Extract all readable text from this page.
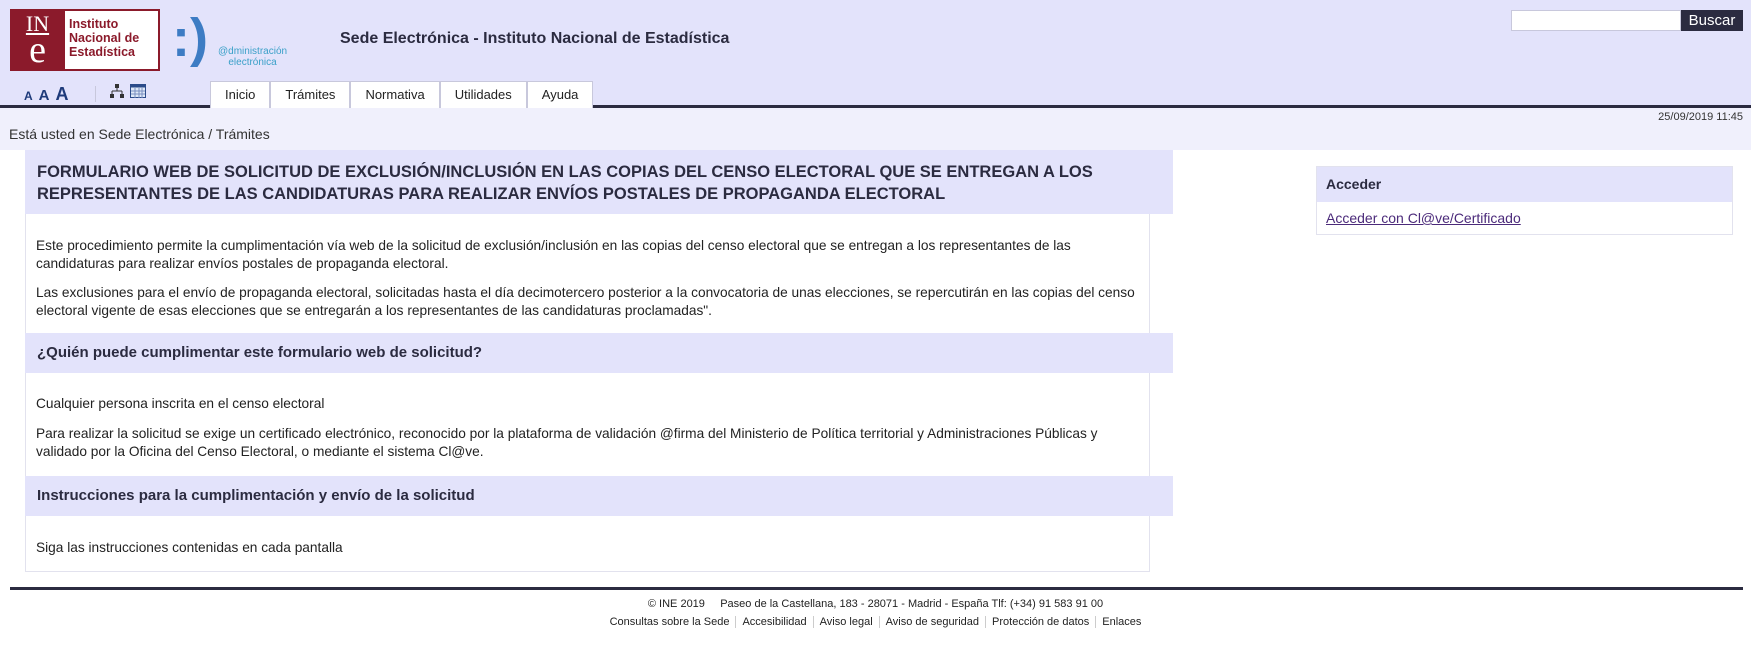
IN
e
Instituto
Nacional de
Estadística :) @dministración
electrónica
Sede Electrónica - Instituto Nacional de Estadística
Buscar
A A A	Inicio	Trámites	Normativa	Utilidades	Ayuda
25/09/2019 11:45
Está usted en Sede Electrónica / Trámites
FORMULARIO WEB DE SOLICITUD DE EXCLUSIÓN/INCLUSIÓN EN LAS COPIAS DEL CENSO ELECTORAL QUE SE ENTREGAN A LOS REPRESENTANTES DE LAS CANDIDATURAS PARA REALIZAR ENVÍOS POSTALES DE PROPAGANDA ELECTORAL
Este procedimiento permite la cumplimentación vía web de la solicitud de exclusión/inclusión en las copias del censo electoral que se entregan a los representantes de las candidaturas para realizar envíos postales de propaganda electoral.
Las exclusiones para el envío de propaganda electoral, solicitadas hasta el día decimotercero posterior a la convocatoria de unas elecciones, se repercutirán en las copias del censo electoral vigente de esas elecciones que se entregarán a los representantes de las candidaturas proclamadas".
¿Quién puede cumplimentar este formulario web de solicitud?
Cualquier persona inscrita en el censo electoral
Para realizar la solicitud se exige un certificado electrónico, reconocido por la plataforma de validación @firma del Ministerio de Política territorial y Administraciones Públicas y validado por la Oficina del Censo Electoral, o mediante el sistema Cl@ve.
Instrucciones para la cumplimentación y envío de la solicitud
Siga las instrucciones contenidas en cada pantalla
Acceder
Acceder con Cl@ve/Certificado
© INE 2019 Paseo de la Castellana, 183 - 28071 - Madrid - España Tlf: (+34) 91 583 91 00
Consultas sobre la Sede Accesibilidad Aviso legal Aviso de seguridad Protección de datos Enlaces
